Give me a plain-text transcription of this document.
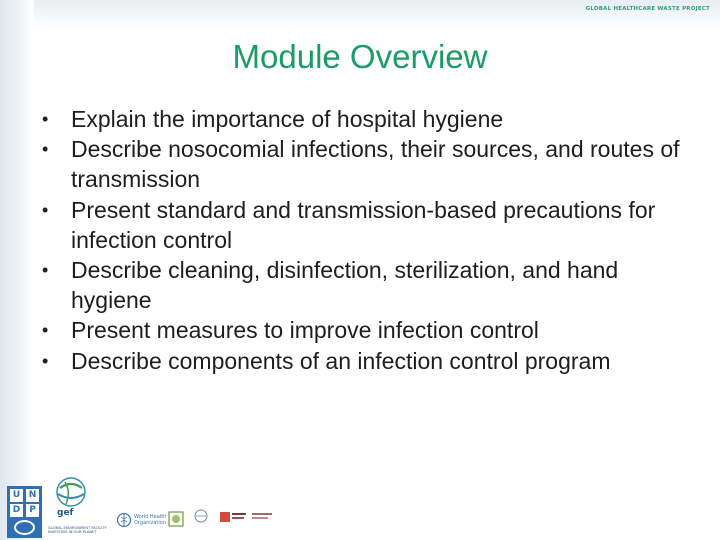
GLOBAL HEALTHCARE WASTE PROJECT
Module Overview
• Explain the importance of hospital hygiene
• Describe nosocomial infections, their sources, and routes of transmission
• Present standard and transmission-based precautions for infection control
• Describe cleaning, disinfection, sterilization, and hand hygiene
• Present measures to improve infection control
• Describe components of an infection control program
U N
D P	gef
GLOBAL ENVIRONMENT FACILITY INVESTING IN OUR PLANET
World Health
Organization
